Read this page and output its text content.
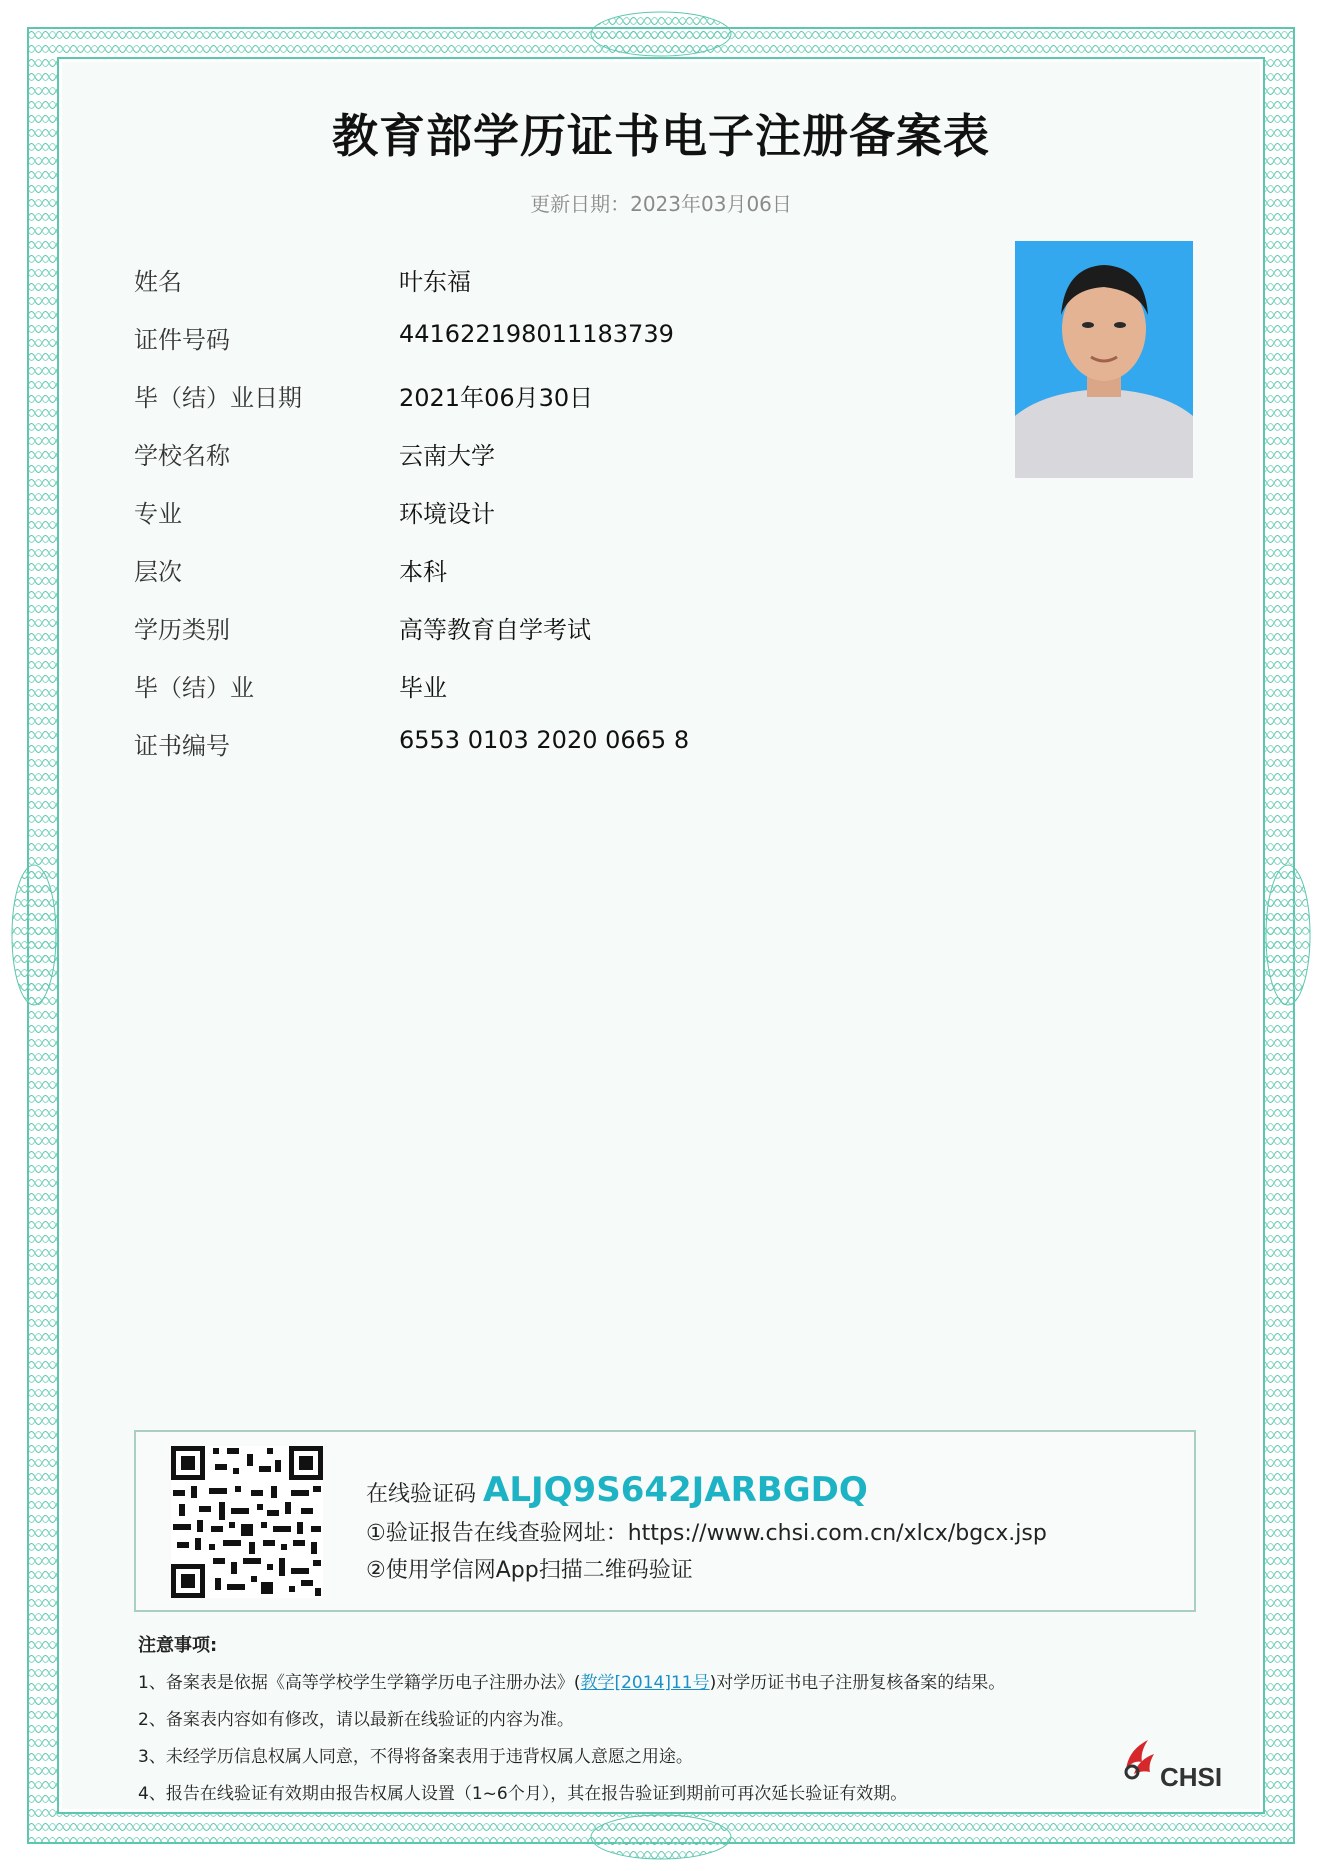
教育部学历证书电子注册备案表
更新日期：2023年03月06日
姓名	叶东福
证件号码	441622198011183739
毕（结）业日期	2021年06月30日
学校名称	云南大学
专业	环境设计
层次	本科
学历类别	高等教育自学考试
毕（结）业	毕业
证书编号	6553 0103 2020 0665 8
在线验证码 ALJQ9S642JARBGDQ
①验证报告在线查验网址：https://www.chsi.com.cn/xlcx/bgcx.jsp
②使用学信网App扫描二维码验证
注意事项:
1、备案表是依据《高等学校学生学籍学历电子注册办法》(教学[2014]11号)对学历证书电子注册复核备案的结果。
2、备案表内容如有修改，请以最新在线验证的内容为准。
3、未经学历信息权属人同意，不得将备案表用于违背权属人意愿之用途。
4、报告在线验证有效期由报告权属人设置（1~6个月），其在报告验证到期前可再次延长验证有效期。
CHSI
